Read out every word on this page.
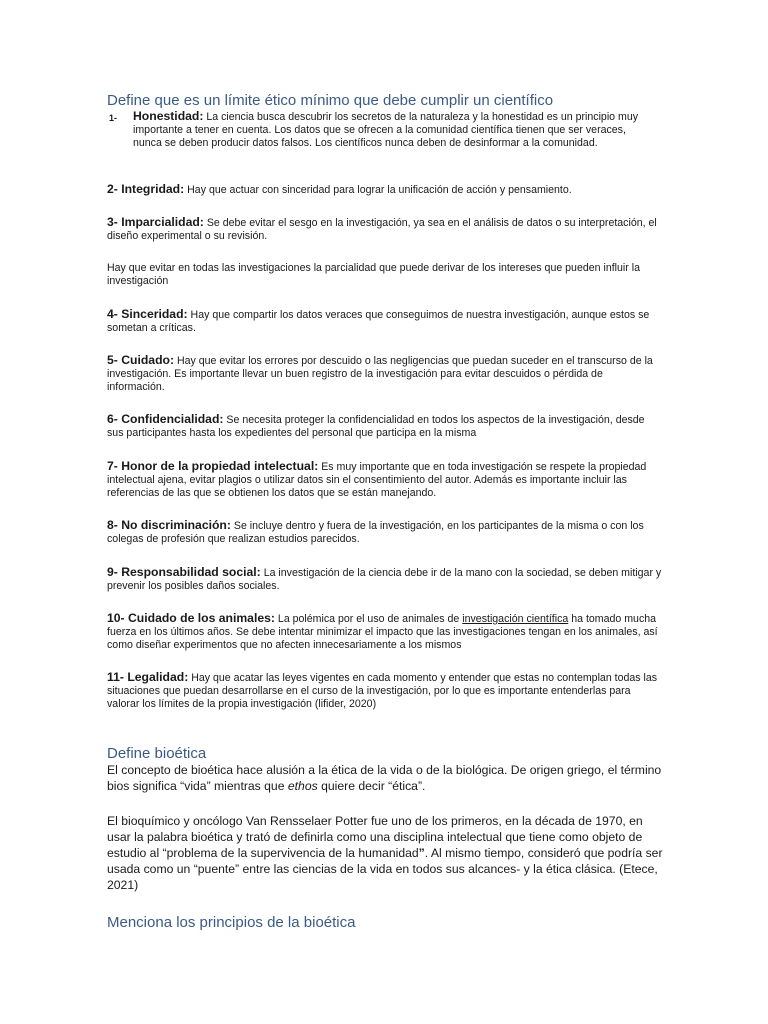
Define que es un límite ético mínimo que debe cumplir un científico
1- Honestidad: La ciencia busca descubrir los secretos de la naturaleza y la honestidad es un principio muy importante a tener en cuenta. Los datos que se ofrecen a la comunidad científica tienen que ser veraces, nunca se deben producir datos falsos. Los científicos nunca deben de desinformar a la comunidad.

2- Integridad: Hay que actuar con sinceridad para lograr la unificación de acción y pensamiento.

3- Imparcialidad: Se debe evitar el sesgo en la investigación, ya sea en el análisis de datos o su interpretación, el diseño experimental o su revisión.

Hay que evitar en todas las investigaciones la parcialidad que puede derivar de los intereses que pueden influir la investigación

4- Sinceridad: Hay que compartir los datos veraces que conseguimos de nuestra investigación, aunque estos se sometan a críticas.

5- Cuidado: Hay que evitar los errores por descuido o las negligencias que puedan suceder en el transcurso de la investigación. Es importante llevar un buen registro de la investigación para evitar descuidos o pérdida de información.

6- Confidencialidad: Se necesita proteger la confidencialidad en todos los aspectos de la investigación, desde sus participantes hasta los expedientes del personal que participa en la misma

7- Honor de la propiedad intelectual: Es muy importante que en toda investigación se respete la propiedad intelectual ajena, evitar plagios o utilizar datos sin el consentimiento del autor. Además es importante incluir las referencias de las que se obtienen los datos que se están manejando.

8- No discriminación: Se incluye dentro y fuera de la investigación, en los participantes de la misma o con los colegas de profesión que realizan estudios parecidos.

9- Responsabilidad social: La investigación de la ciencia debe ir de la mano con la sociedad, se deben mitigar y prevenir los posibles daños sociales.

10- Cuidado de los animales: La polémica por el uso de animales de investigación científica ha tomado mucha fuerza en los últimos años. Se debe intentar minimizar el impacto que las investigaciones tengan en los animales, así como diseñar experimentos que no afecten innecesariamente a los mismos

11- Legalidad: Hay que acatar las leyes vigentes en cada momento y entender que estas no contemplan todas las situaciones que puedan desarrollarse en el curso de la investigación, por lo que es importante entenderlas para valorar los límites de la propia investigación (lifider, 2020)

Define bioética

El concepto de bioética hace alusión a la ética de la vida o de la biológica. De origen griego, el término bios significa “vida” mientras que ethos quiere decir “ética”.

El bioquímico y oncólogo Van Rensselaer Potter fue uno de los primeros, en la década de 1970, en usar la palabra bioética y trató de definirla como una disciplina intelectual que tiene como objeto de estudio al “problema de la supervivencia de la humanidad”. Al mismo tiempo, consideró que podría ser usada como un “puente” entre las ciencias de la vida en todos sus alcances- y la ética clásica. (Etece, 2021)

Menciona los principios de la bioética
